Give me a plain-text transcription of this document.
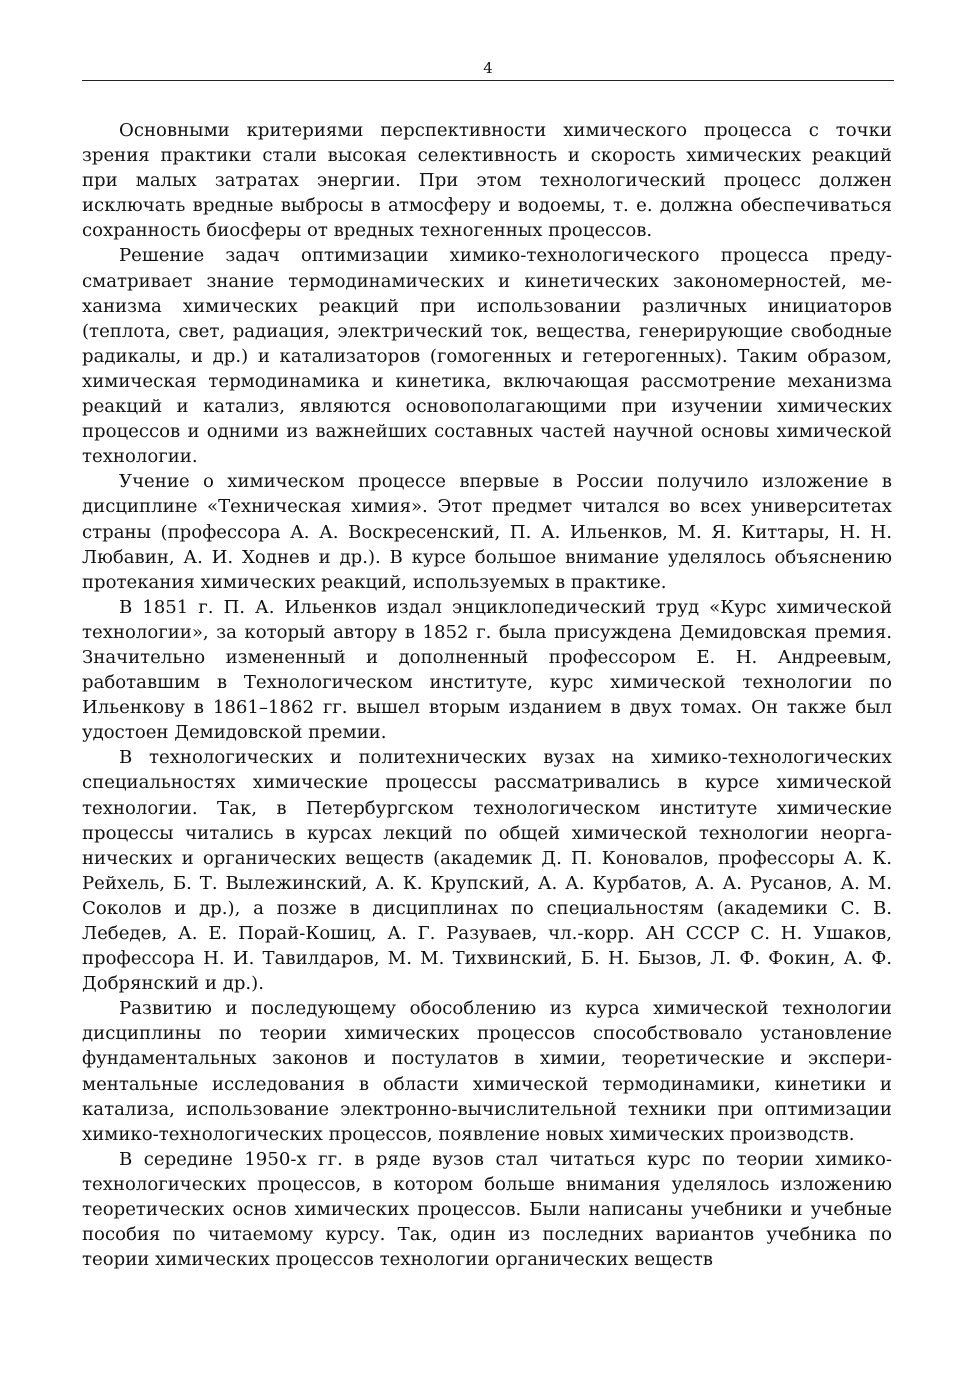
4

Основными критериями перспективности химического процесса с точки зрения практики стали высокая селективность и скорость химических реакций при малых затратах энергии. При этом технологический процесс должен исключать вредные выбросы в атмосферу и водоемы, т. е. должна обеспечиваться сохранность биосферы от вредных техногенных процессов.

Решение задач оптимизации химико-технологического процесса предусматривает знание термодинамических и кинетических закономерностей, механизма химических реакций при использовании различных инициаторов (теплота, свет, радиация, электрический ток, вещества, генерирующие свободные радикалы, и др.) и катализаторов (гомогенных и гетерогенных). Таким образом, химическая термодинамика и кинетика, включающая рассмотрение механизма реакций и катализ, являются основополагающими при изучении химических процессов и одними из важнейших составных частей научной основы химической технологии.

Учение о химическом процессе впервые в России получило изложение в дисциплине «Техническая химия». Этот предмет читался во всех университетах страны (профессора А. А. Воскресенский, П. А. Ильенков, М. Я. Киттары, Н. Н. Любавин, А. И. Ходнев и др.). В курсе большое внимание уделялось объяснению протекания химических реакций, используемых в практике.

В 1851 г. П. А. Ильенков издал энциклопедический труд «Курс химической технологии», за который автору в 1852 г. была присуждена Демидовская премия. Значительно измененный и дополненный профессором Е. Н. Андреевым, работавшим в Технологическом институте, курс химической технологии по Ильенкову в 1861–1862 гг. вышел вторым изданием в двух томах. Он также был удостоен Демидовской премии.

В технологических и политехнических вузах на химико-технологических специальностях химические процессы рассматривались в курсе химической технологии. Так, в Петербургском технологическом институте химические процессы читались в курсах лекций по общей химической технологии неорганических и органических веществ (академик Д. П. Коновалов, профессоры А. К. Рейхель, Б. Т. Вылежинский, А. К. Крупский, А. А. Курбатов, А. А. Русанов, А. М. Соколов и др.), а позже в дисциплинах по специальностям (академики С. В. Лебедев, А. Е. Порай-Кошиц, А. Г. Разуваев, чл.-корр. АН СССР С. Н. Ушаков, профессора Н. И. Тавилдаров, М. М. Тихвинский, Б. Н. Бызов, Л. Ф. Фокин, А. Ф. Добрянский и др.).

Развитию и последующему обособлению из курса химической технологии дисциплины по теории химических процессов способствовало установление фундаментальных законов и постулатов в химии, теоретические и экспериментальные исследования в области химической термодинамики, кинетики и катализа, использование электронно-вычислительной техники при оптимизации химико-технологических процессов, появление новых химических производств.

В середине 1950-х гг. в ряде вузов стал читаться курс по теории химико-технологических процессов, в котором больше внимания уделялось изложению теоретических основ химических процессов. Были написаны учебники и учебные пособия по читаемому курсу. Так, один из последних вариантов учебника по теории химических процессов технологии органических веществ
